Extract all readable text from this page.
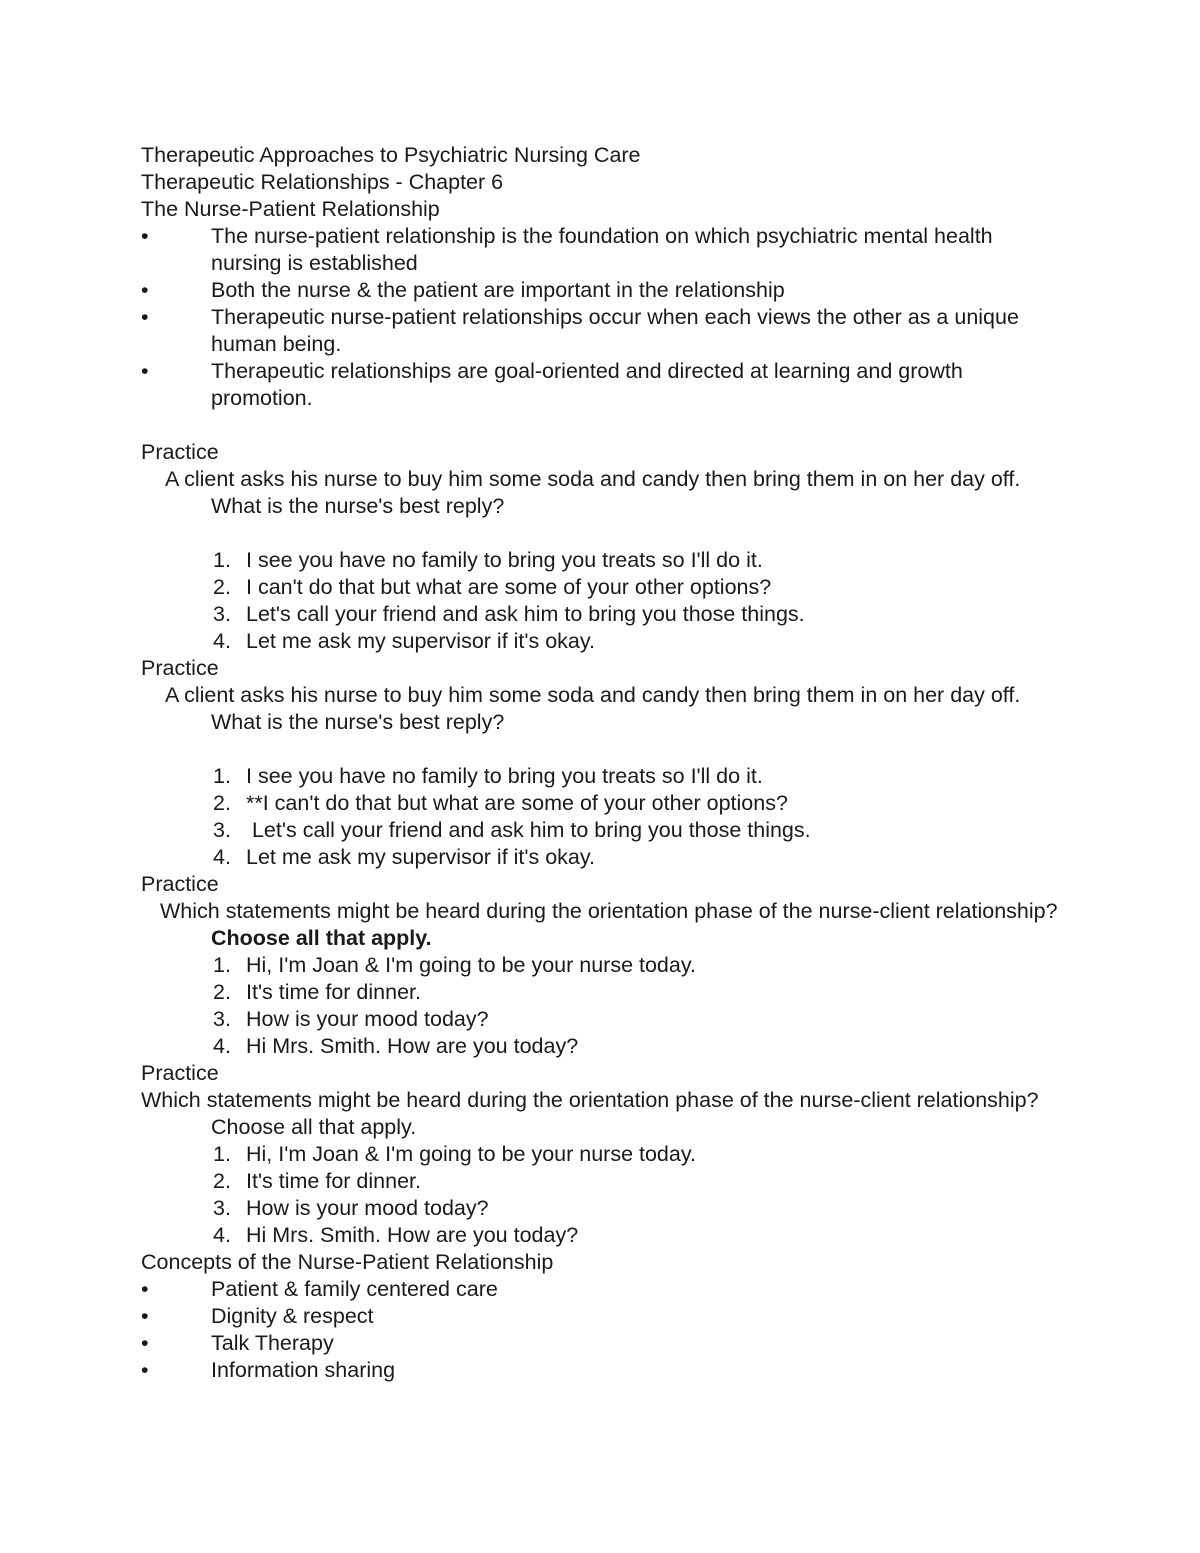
Therapeutic Approaches to Psychiatric Nursing Care
Therapeutic Relationships - Chapter 6
The Nurse-Patient Relationship
•	The nurse-patient relationship is the foundation on which psychiatric mental health nursing is established
•	Both the nurse & the patient are important in the relationship
•	Therapeutic nurse-patient relationships occur when each views the other as a unique human being.
•	Therapeutic relationships are goal-oriented and directed at learning and growth promotion.
Practice
A client asks his nurse to buy him some soda and candy then bring them in on her day off. What is the nurse's best reply?
1. I see you have no family to bring you treats so I'll do it.
2. I can't do that but what are some of your other options?
3. Let's call your friend and ask him to bring you those things.
4. Let me ask my supervisor if it's okay.
Practice
A client asks his nurse to buy him some soda and candy then bring them in on her day off. What is the nurse's best reply?
1. I see you have no family to bring you treats so I'll do it.
2. **I can't do that but what are some of your other options?
3. Let's call your friend and ask him to bring you those things.
4. Let me ask my supervisor if it's okay.
Practice
Which statements might be heard during the orientation phase of the nurse-client relationship?  Choose all that apply.
1. Hi, I'm Joan & I'm going to be your nurse today.
2. It's time for dinner.
3. How is your mood today?
4. Hi Mrs. Smith. How are you today?
Practice
Which statements might be heard during the orientation phase of the nurse-client relationship? Choose all that apply.
1. Hi, I'm Joan & I'm going to be your nurse today.
2. It's time for dinner.
3. How is your mood today?
4. Hi Mrs. Smith. How are you today?
Concepts of the Nurse-Patient Relationship
•	Patient & family centered care
•	Dignity & respect
•	Talk Therapy
•	Information sharing
